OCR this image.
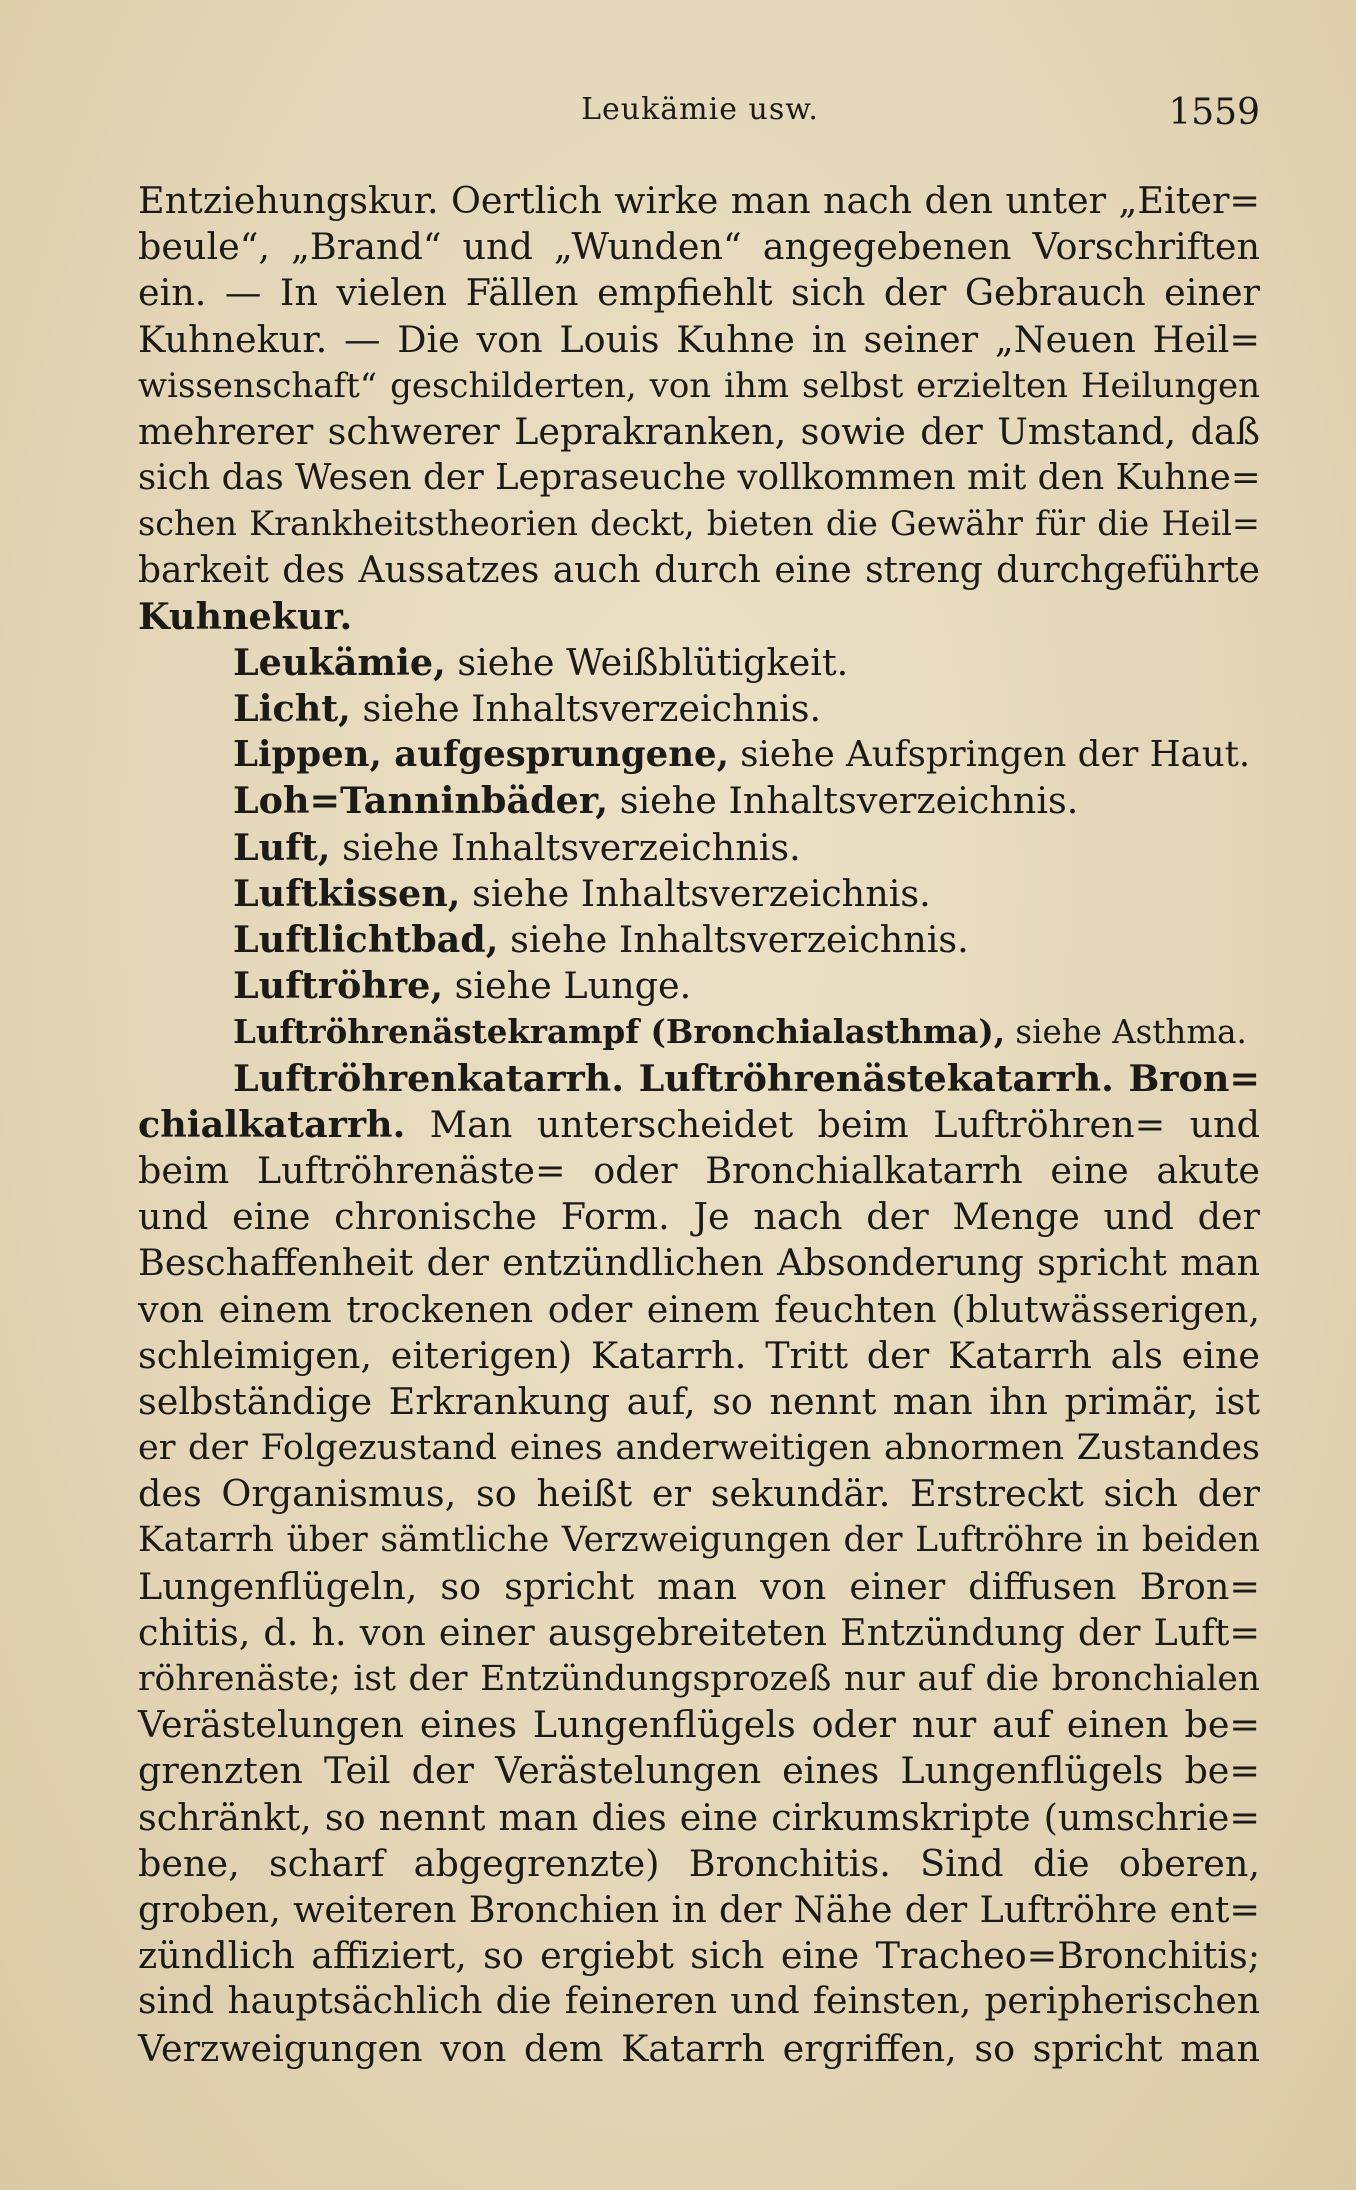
Leukämie usw.	1559
Entziehungskur. Oertlich wirke man nach den unter „Eiter=
beule“, „Brand“ und „Wunden“ angegebenen Vorschriften
ein. — In vielen Fällen empfiehlt sich der Gebrauch einer
Kuhnekur. — Die von Louis Kuhne in seiner „Neuen Heil=
wissenschaft“ geschilderten, von ihm selbst erzielten Heilungen
mehrerer schwerer Leprakranken, sowie der Umstand, daß
sich das Wesen der Lepraseuche vollkommen mit den Kuhne=
schen Krankheitstheorien deckt, bieten die Gewähr für die Heil=
barkeit des Aussatzes auch durch eine streng durchgeführte
Kuhnekur.
Leukämie, siehe Weißblütigkeit.
Licht, siehe Inhaltsverzeichnis.
Lippen, aufgesprungene, siehe Aufspringen der Haut.
Loh=Tanninbäder, siehe Inhaltsverzeichnis.
Luft, siehe Inhaltsverzeichnis.
Luftkissen, siehe Inhaltsverzeichnis.
Luftlichtbad, siehe Inhaltsverzeichnis.
Luftröhre, siehe Lunge.
Luftröhrenästekrampf (Bronchialasthma), siehe Asthma.
Luftröhrenkatarrh. Luftröhrenästekatarrh. Bron=
chialkatarrh. Man unterscheidet beim Luftröhren= und
beim Luftröhrenäste= oder Bronchialkatarrh eine akute
und eine chronische Form. Je nach der Menge und der
Beschaffenheit der entzündlichen Absonderung spricht man
von einem trockenen oder einem feuchten (blutwässerigen,
schleimigen, eiterigen) Katarrh. Tritt der Katarrh als eine
selbständige Erkrankung auf, so nennt man ihn primär, ist
er der Folgezustand eines anderweitigen abnormen Zustandes
des Organismus, so heißt er sekundär. Erstreckt sich der
Katarrh über sämtliche Verzweigungen der Luftröhre in beiden
Lungenflügeln, so spricht man von einer diffusen Bron=
chitis, d. h. von einer ausgebreiteten Entzündung der Luft=
röhrenäste; ist der Entzündungsprozeß nur auf die bronchialen
Verästelungen eines Lungenflügels oder nur auf einen be=
grenzten Teil der Verästelungen eines Lungenflügels be=
schränkt, so nennt man dies eine cirkumskripte (umschrie=
bene, scharf abgegrenzte) Bronchitis. Sind die oberen,
groben, weiteren Bronchien in der Nähe der Luftröhre ent=
zündlich affiziert, so ergiebt sich eine Tracheo=Bronchitis;
sind hauptsächlich die feineren und feinsten, peripherischen
Verzweigungen von dem Katarrh ergriffen, so spricht man
